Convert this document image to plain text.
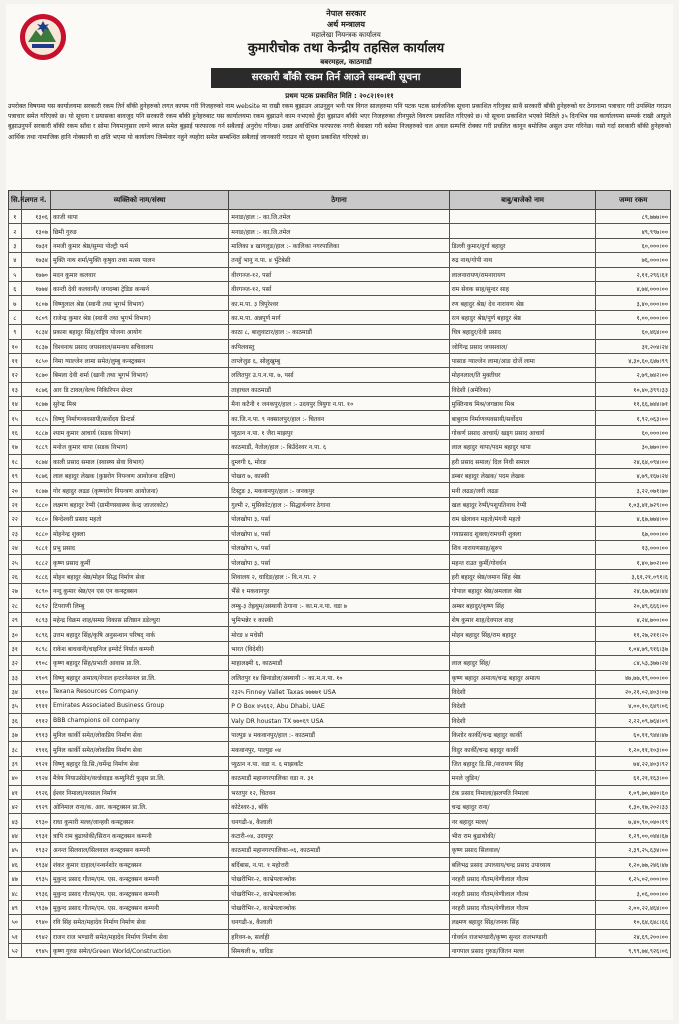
नेपाल सरकार
अर्थ मन्त्रालय
महालेखा नियन्त्रक कार्यालय
कुमारीचोक तथा केन्द्रीय तहसिल कार्यालय
बबरमहल, काठमाडौं
सरकारी बाँकी रकम तिर्न आउने सम्बन्धी सूचना
प्रथम पटक प्रकाशित मिति : २०८२।१०।११
उपरोक्त विषयमा यस कार्यालयमा सरकारी रकम तिर्न बाँकी हुनेहरुको लगत कायम गरी निजहरुको नाम website मा राखी रकम बुझाउन आउनुहुन भनी पत्र विगत सालहरुमा पनि पटक पटक सार्वजनिक सूचना प्रकाशित गरिनुका साथै सरकारी बाँकी हुनेहरुको घर ठेगानामा पत्राचार गरी उपस्थित गराउन पत्राचार समेत गरिएको छ। यो सूचना र प्रयासका बावजुद पनि सरकारी रकम बाँकी हुनेहरुबाट यस कार्यालयमा रकम बुझाउने काम नभएको हुँदा बुझाउन बाँकी भएर निजहरुका तीनपुस्ते विवरण प्रकाशित गरिएको छ। यो सूचना प्रकाशित भएको मितिले ३५ दिनभित्र यस कार्यालयमा सम्पर्क राखी आफूले बुझाउनुपर्ने सरकारी बाँकी रकम साँवा र सोमा नियमानुसार लाग्ने ब्याज समेत बुझाई फरफारक गर्न सबैलाई अनुरोध गरिन्छ। उक्त अवधिभित्र फरफारक नगरी बेवास्ता गरी बसेमा निजहरुको चल अचल सम्पत्ति रोक्का गरी प्रचलित कानून बमोजिम असुल उपर गरिनेछ। यसो गर्दा सरकारी बाँकी हुनेहरुको आर्थिक तथा नामाजिक हानि नोक्सानी वा क्षति भएमा यो कार्यालय जिम्मेवार नहुने व्यहोरा समेत सम्बन्धित सबैलाई जानकारी गराउन यो सूचना प्रकाशित गरिएको छ।
सि.नं.	लगत नं.	व्यक्तिको नाम/संस्था	ठेगाना	बाबु/बाजेको नाम	जम्मा रकम
१	१३०६	काजी थापा	मनाङ/हाल :- का.जि.तमेल		८९,७७७।००
२	१३०७	छिमी गुरुङ	मनाङ/हाल :- का.जि.तमेल		४९,९९७।००
३	१७३१	नमजी कुमार श्रेष्ठ/सुम्पा पोल्ट्री फर्म	मालिका ४ खागलुङ/हाल :- कालिका नगरपालिका	डिल्ली कुमार/दुर्गा बहादुर	६०,०००।००
४	१७३४	मुक्ति नाथ शर्मा/मुक्ति कृषुवा तथा मत्स्य पालन	तनहुँ भानु न.पा. ४ भुँटेबेसी	रुद्र नाथ/गोपी नाथ	७६,०००।००
५	१७७०	मदन कुमार कलवार	वीरगञ्ज-१२, पर्सा	लालनारायण/रामनारायण	२,११,२९६।६१
६	१७७४	कान्ती देवी कलवानी/ जगदम्बा ट्रेडिङ कन्सर्न	वीरगञ्ज-१२, पर्सा	राम सेवक साह/सुन्दर साह	४,७४,०००।००
७	१८०७	विष्णुलाल श्रेष्ठ (स्वानी तथा भूगर्भ विभाग)	का.म.पा. ३ त्रिपुरेश्वर	रण बहादुर श्रेष्ठ/ देव नारायण श्रेष्ठ	३,४०,०००।००
८	१८०९	राजेन्द्र कुमार श्रेष्ठ (स्वानी तथा भूगर्भ विभाग)	का.म.पा. अन्नपूर्ण मार्ग	रत्न बहादुर श्रेष्ठ/पूर्ण बहादुर श्रेष्ठ	१,००,०००।००
९	१८३४	प्रकाश बहादुर सिंह/राष्ट्रिय योजना आयोग	काठा ८, बालुवाटार/हाल :- काठमाडौं	चित्र बहादुर/देवी प्रसाद	६०,४६४।००
१०	१८३७	विश्वनाथ प्रसाद जयसवाल/समन्वय सचिवालय	कपिलवस्तु	जोगिन्द्र प्रसाद जयसवाल/	३१,२०४।२४
११	१८५०	निमा ग्याल्जेन लामा समेत/लुम्बु कन्स्ट्रक्सन	ताप्लेजुङ ६, सोलुखुम्बु	पासाङ ग्याल्जेन लामा/आङ दोर्जे लामा	४,३०,६०,६४७।९९
१२	१८७०	बिमला देवी शर्मा (खानी तथा भूगर्भ विभाग)	ललितपुर उ.प.न.पा. ७, पर्सा	मोहनलाल/ति मुक्तीधर	२,७९,७४२।००
१३	१८७६	आर डि टावल/वेल्थ निकिरिपन सेन्टर	ताहाचल काठमाडौं	विदेशी (अमेरिका)	१०,४०,३९९।३३
१४	१८७७	सुरेन्द्र मिश्र	मैना कटैनी १ जनकपुर/हाल :- उदयपुर त्रियुगा न.पा. १०	मुक्तिनाथ मिश्र/जगन्नाथ मिश्र	११,६६,७४४।७१
१५	१८८५	विष्णु निर्माणव्यवसायी/सर्वोदय प्रिन्टर्स	का.जि.न.पा. ९ नक्सालपुर/हाल :- चितवन	बाबुराम निर्माणव्यवसायी/सर्वोदय	१,९२,०६३।००
१६	१८८७	श्याम कुमार आचार्य (सडक विभाग)	प्युठान न.पा. १ जैरा माझपुर	गोकर्ण प्रसाद आचार्य/ खड्ग प्रसाद आचार्य	६०,०००।००
१७	१८८९	मनोज कुमार थापा (सडक विभाग)	काठमाडौं, नैतोल/हाल :- बिउँदेश्वर न.पा. ६	लाल बहादुर थापा/पदम बहादुर थापा	३०,७७०।००
१८	१८७४	काली प्रसाद समाल (स्वास्थ्य सेवा विभाग)	दुम्लगी ६, मोरङ	हरी प्रसाद समाल/ दिल निधी समाल	२४,६४,०९४।००
१९	१८७६	लाल बहादुर लेखक (कुष्ठरोग नियन्त्रण आयोजना दक्षिण)	पोखरा ७, कास्की	डम्बर बहादुर लेखक/ पदम लेखक	४,७९,१६७।२४
२०	१८७७	गोर बहादुर लढङ (कृष्णरोग नियन्त्रण आयोजना)	टिस्टुङ ३, मकवानपुर/हाल :- जनकपुर	मनी लढङ/जगी लढङ	३,२२,०७१।७०
२१	१८८०	लक्ष्मण बहादुर रेग्मी (ग्रामीणस्वास्थ्य केन्द्र जाजरकोट)	गुल्मी २, मुसिकोट/हाल :- सिद्धार्थनगर ठेगाना	खल बहादुर रेग्मी/पशुपतिनाथ रेग्मी	१,०३,४१,७२९।००
२२	१८८०	बिन्देश्वरी प्रसाद महतो	पोलखोपा ३, पर्सा	राम खेलावन महतो/मंगनी महतो	४,६७,७७४।००
२३	१८८०	मोहनेन्द्र शुक्ला	पोलखोपा ४, पर्सा	गयाप्रसाद शुक्ला/रामधनी शुक्ला	६७,०००।००
२४	१८८१	प्रभु प्रसाद	पोलखोपा ५, पर्सा	शिव नारायणसाह/सुरुप	१३,०००।००
२५	१८८२	कृष्ण प्रसाद कुर्मी	पोलखोपा ३, पर्सा	महन्त राउत कुर्मी/गोवर्धन	१,४०,७०२।००
२६	१८८६	मोहन बहादुर श्रेष्ठ/मोहन सिद्ध निर्माण सेवा	शिवालय २, धादिङ/हाल :- वि.न.पा. २	हरी बहादुर श्रेष्ठ/जमान सिंह श्रेष्ठ	३,६१,२१,०९१।६
२७	१८९०	नन्दु कुमार श्रेष्ठ/एन एस एन कन्स्ट्रक्सन	भैँसे १ मकवानपुर	गोपाल बहादुर श्रेष्ठ/अमलाल श्रेष्ठ	२४,६७,७६४।४४
२८	१८९२	टिपराणी लिम्बु	लम्बु-३ तेह्रथुम/अस्थायी ठेगाना :- का.म.न.पा. वडा ७	अम्बर बहादुर/कृष्ण सिंह	२०,४९,६६६।००
२९	१८९३	महेन्द्र विक्रम शाह/समग्र विकास प्रतिष्ठान डडेल्धुरा	भुमिभन्नेर १ कास्की	शेष कुमार शाह/देवपाल शाह	४,२४,७००।००
३०	१८९६	उत्तम बहादुर सिंह/कृषि अनुसन्धान परिषद् नार्क	मोरङ ४ मधेसी	मोहन बहादुर सिंह/राम बहादुर	११,२७,२११।२०
३१	१८९८	राकेश बाधवानी/चाइनिज इम्पोर्ट निर्यात कम्पनी	भारत (विदेशी)		१,०४,७९,९१६।३७
३२	१९०८	कृष्ण बहादुर सिंह/प्रभाती आवास प्रा.लि.	माहालक्ष्मी ६, काठमाडौं	लाल बहादुर सिंह/	८४,५३,३७७।२४
३३	१९०९	विष्णु बहादुर अमात्य/नेपाल इन्टरनेसनल प्रा.लि.	ललितपुर १४ छिनाडोल/अस्थायी :- का.म.न.पा. १०	कृष्ण बहादुर अमात्य/चन्द्र बहादुर अमात्य	४७,७७,१९,०००।००
३४	१९१०	Texana Resources Company	२३२५ Finney Vallet Taxas ७७७७१ USA	विदेशी	२०,२१,०२,४०३।०७
३५	१९११	Emirates Associated Business Group	P O Box ४५६६२, Abu Dhabi, UAE	विदेशी	४,००,१०,६४९।०६
३६	१९१२	BBB champions oil company	Valy DR houstan TX ७७०६९ USA	विदेशी	२,२२,०९,७६४।०९
३७	१९१३	मुनिल कार्की समेत/लोकप्रिय निर्माण सेवा	पाल्पुङ ४ मकवानपुर/हाल :- काठमाडौं	किशोर कार्की/चन्द्र बहादुर कार्की	६०,११,९४४।४७
३८	१९१६	मुनिल कार्की समेत/लोकप्रिय निर्माण सेवा	मकवानपुर, पाल्पुङ ०४	विदुर कार्की/चन्द्र बहादुर कार्की	१,२०,११,१०३।००
३९	१९२१	विष्णु बहादुर डि.सि./धर्मेन्द्र निर्माण सेवा	प्युठान न.पा. वडा न. ६ माझकाँट	जित बहादुर डि.सि./नारायण सिंह	७४,२२,४०३।९२
४०	१९२४	मैत्रेय नियाउसेडेन/वर्ल्डवाइड कम्युनिटी फुड्स प्रा.लि.	काठमाडौं महानगरपालिका वडा न. ३१	मनले जुडिन/	६१,२१,१६३।००
४१	१९२६	ईश्वर निमाला/नरसाल निर्माण	भरतपुर १२, चितवन	टंक प्रसाद निमाला/झलपति निमाला	१,०९,७०,७४०।६०
४२	१९२९	ओनिमाल राना/क. आर. कन्स्ट्रक्सन प्रा.लि.	कोटेश्वर-३, बाँके	चन्द्र बहादुर राना/	१,३०,१७,२०२।३३
४३	१९३०	राधा कुमारी मल्ल/जान्हवी कन्स्ट्रक्सन	धनगढी-४, कैलाली	नर बहादुर मल्ल/	७,४०,९०,०४०।१९
४४	१९३१	त्रापि राम बुढाथोकी/सिरान कन्स्ट्रक्सन कम्पनी	कटारी-०४, उदयपुर	भीरा राम बुढाथोकी/	१,२९,००,०४४।६७
४५	१९३२	अनन्त सिलवाल/सिलवाल कन्स्ट्रक्सन कम्पनी	काठमाडौं महानगरपालिका-०६, काठमाडौं	कृष्ण प्रसाद सिलवाल/	२,३९,२५,६३४।००
४६	१९३४	शंकर कुमार दाहाल/नन्थर्नशोर कन्स्ट्रक्सन	बर्दिबास, न.पा. १ महोत्तरी	बलिभद्र प्रसाद उपाध्याय/चन्द्र प्रसाद उपाध्याय	१,२०,७७,२४६।४७
४७	१९३५	मुकुन्द प्रसाद गौतम/एम. एस. कन्स्ट्रक्सन कम्पनी	पोखरीभिर-२, काभ्रेपलाञ्चोक	नरहरी प्रसाद गौतम/वेणीलाल गौतम	१,२५,०२,०००।००
४८	१९३६	मुकुन्द प्रसाद गौतम/एम. एस. कन्स्ट्रक्सन कम्पनी	पोखरीभिर-२, काभ्रेपलाञ्चोक	नरहरी प्रसाद गौतम/वेणीलाल गौतम	३,०६,०००।००
४९	१९३७	मुकुन्द प्रसाद गौतम/एम. एस. कन्स्ट्रक्सन कम्पनी	पोखरीभिर-२, काभ्रेपलाञ्चोक	नरहरी प्रसाद गौतम/वेणीलाल गौतम	२,००,२२,४६४।००
५०	१९४०	रवि सिंह समेत/महादेव निर्माण निर्माण सेवा	धनगढी-४, कैलाली	लक्ष्मण बहादुर सिंह/जनक सिंह	१०,६४,६४८।६६
५१	१९४२	राजन राज भण्डारी समेत/महादेव निर्माण निर्माण सेवा	हरिवन-७, सर्लाही	गोवर्धन राजभण्डारी/कृष्ण सुन्दर राजभण्डारी	२४,६९,२००।००
५२	१९४५	कृष्ण गुरुङ समेत/Green World/Construction	सिमथली ७, धादिङ	नागपाल प्रसाद गुरुङ/जितन मल्ल	९,९९,७४,९२६।०६
